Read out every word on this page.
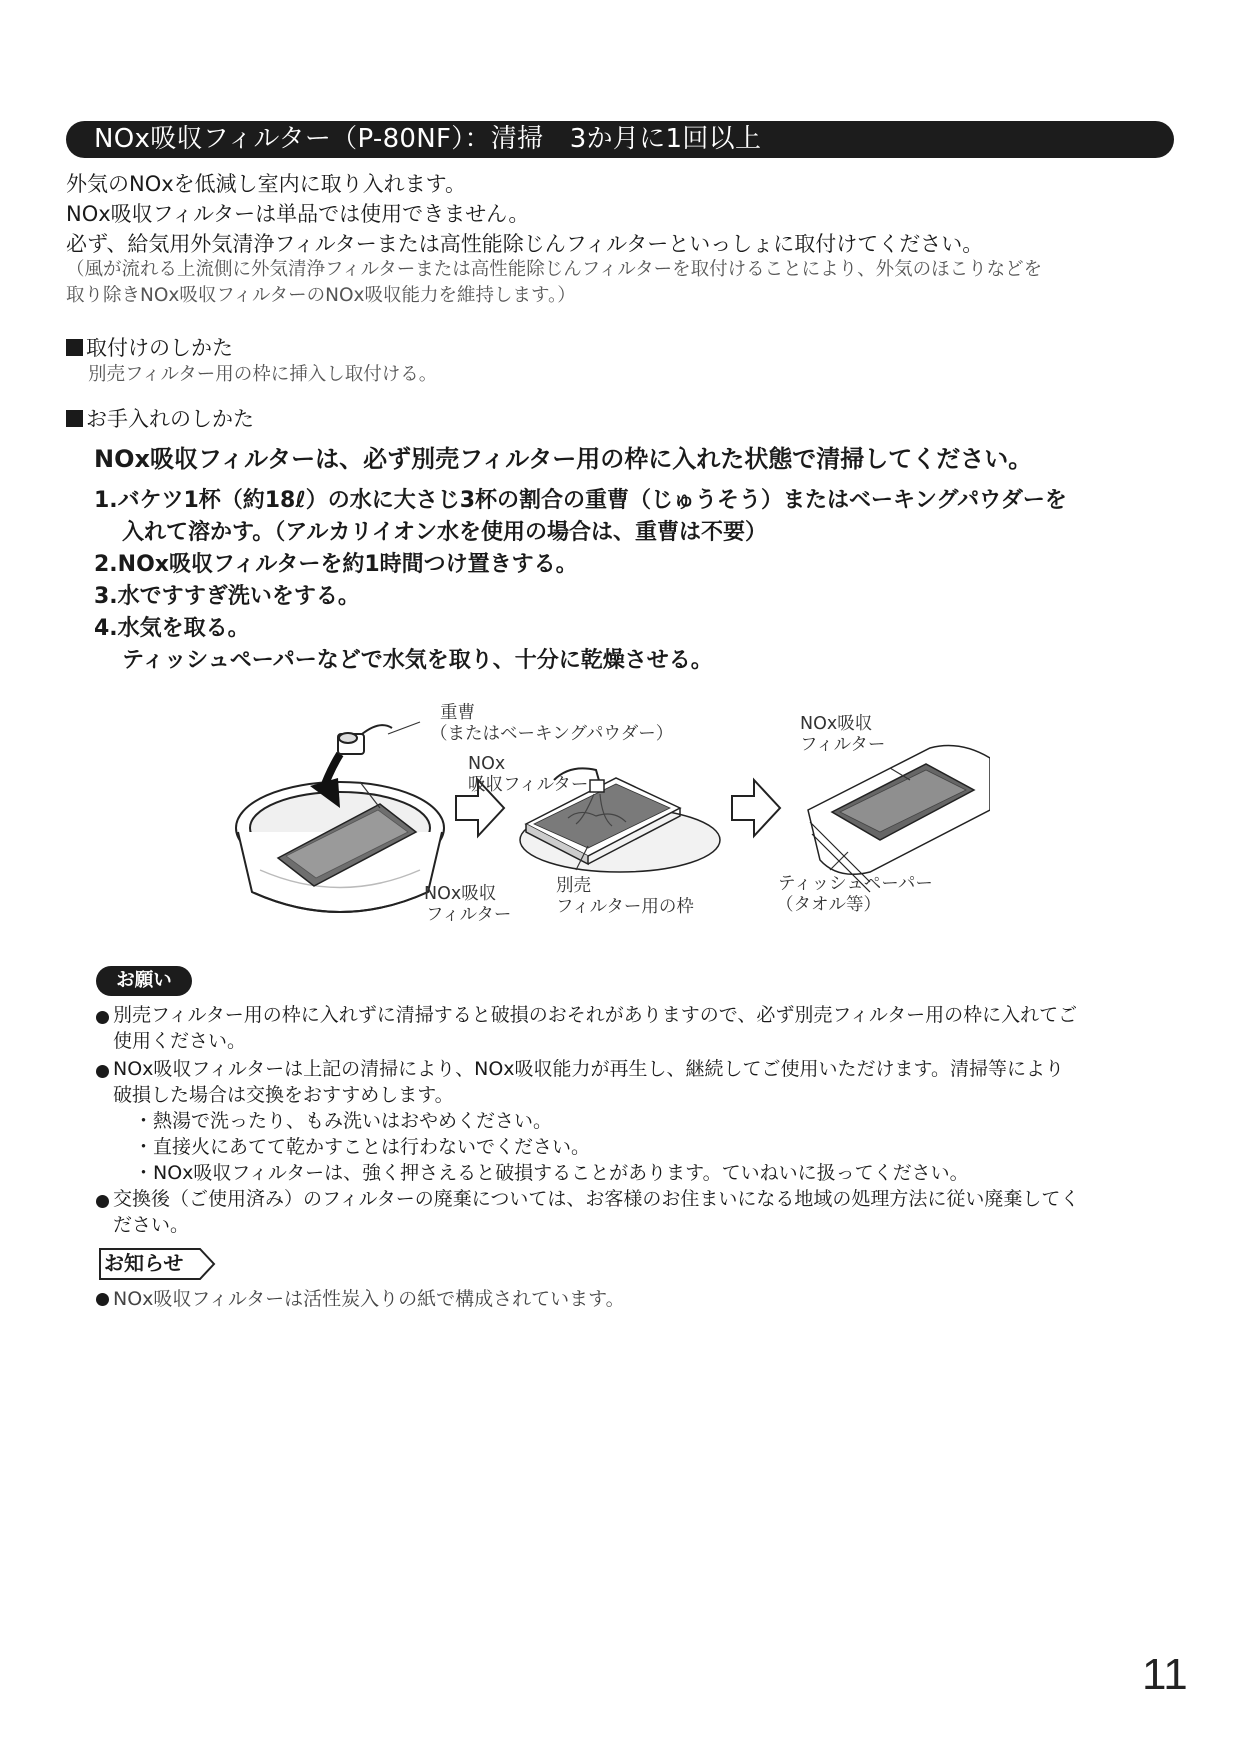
NOx吸収フィルター（P-80NF）：清掃　3か月に1回以上
外気のNOxを低減し室内に取り入れます。
NOx吸収フィルターは単品では使用できません。
必ず、給気用外気清浄フィルターまたは高性能除じんフィルターといっしょに取付けてください。
（風が流れる上流側に外気清浄フィルターまたは高性能除じんフィルターを取付けることにより、外気のほこりなどを
取り除きNOx吸収フィルターのNOx吸収能力を維持します。）
取付けのしかた
別売フィルター用の枠に挿入し取付ける。
お手入れのしかた
NOx吸収フィルターは、必ず別売フィルター用の枠に入れた状態で清掃してください。
1.バケツ1杯（約18ℓ）の水に大さじ3杯の割合の重曹（じゅうそう）またはベーキングパウダーを
入れて溶かす。（アルカリイオン水を使用の場合は、重曹は不要）
2.NOx吸収フィルターを約1時間つけ置きする。
3.水ですすぎ洗いをする。
4.水気を取る。
ティッシュペーパーなどで水気を取り、十分に乾燥させる。
重曹
（またはベーキングパウダー）
NOx
吸収フィルター
NOx吸収
フィルター
NOx吸収
フィルター
別売
フィルター用の枠
ティッシュペーパー
（タオル等）
お願い
別売フィルター用の枠に入れずに清掃すると破損のおそれがありますので、必ず別売フィルター用の枠に入れてご
使用ください。
NOx吸収フィルターは上記の清掃により、NOx吸収能力が再生し、継続してご使用いただけます。清掃等により
破損した場合は交換をおすすめします。
・熱湯で洗ったり、もみ洗いはおやめください。
・直接火にあてて乾かすことは行わないでください。
・NOx吸収フィルターは、強く押さえると破損することがあります。ていねいに扱ってください。
交換後（ご使用済み）のフィルターの廃棄については、お客様のお住まいになる地域の処理方法に従い廃棄してく
ださい。
お知らせ
NOx吸収フィルターは活性炭入りの紙で構成されています。
11
